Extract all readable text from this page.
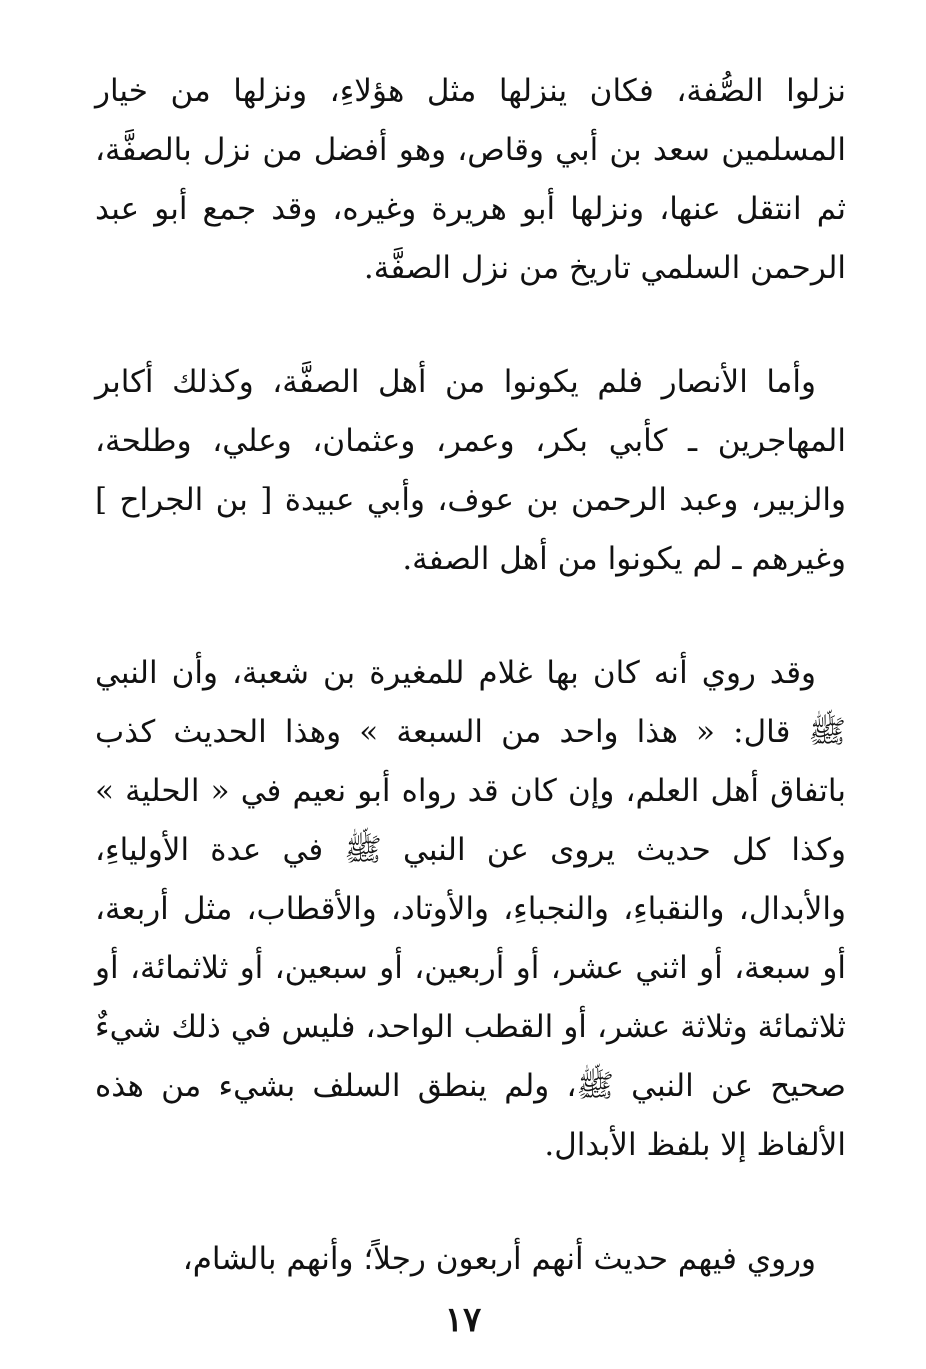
نزلوا الصُّفة، فكان ينزلها مثل هؤلاءِ، ونزلها من خيار المسلمين سعد بن أبي وقاص، وهو أفضل من نزل بالصفَّة، ثم انتقل عنها، ونزلها أبو هريرة وغيره، وقد جمع أبو عبد الرحمن السلمي تاريخ من نزل الصفَّة.

وأما الأنصار فلم يكونوا من أهل الصفَّة، وكذلك أكابر المهاجرين ـ كأبي بكر، وعمر، وعثمان، وعلي، وطلحة، والزبير، وعبد الرحمن بن عوف، وأبي عبيدة [ بن الجراح ] وغيرهم ـ لم يكونوا من أهل الصفة.

وقد روي أنه كان بها غلام للمغيرة بن شعبة، وأن النبي ﷺ قال: « هذا واحد من السبعة » وهذا الحديث كذب باتفاق أهل العلم، وإن كان قد رواه أبو نعيم في « الحلية » وكذا كل حديث يروى عن النبي ﷺ في عدة الأولياءِ، والأبدال، والنقباءِ، والنجباءِ، والأوتاد، والأقطاب، مثل أربعة، أو سبعة، أو اثني عشر، أو أربعين، أو سبعين، أو ثلاثمائة، أو ثلاثمائة وثلاثة عشر، أو القطب الواحد، فليس في ذلك شيءٌ صحيح عن النبي ﷺ، ولم ينطق السلف بشيء من هذه الألفاظ إلا بلفظ الأبدال.

وروي فيهم حديث أنهم أربعون رجلاً؛ وأنهم بالشام،

١٧
